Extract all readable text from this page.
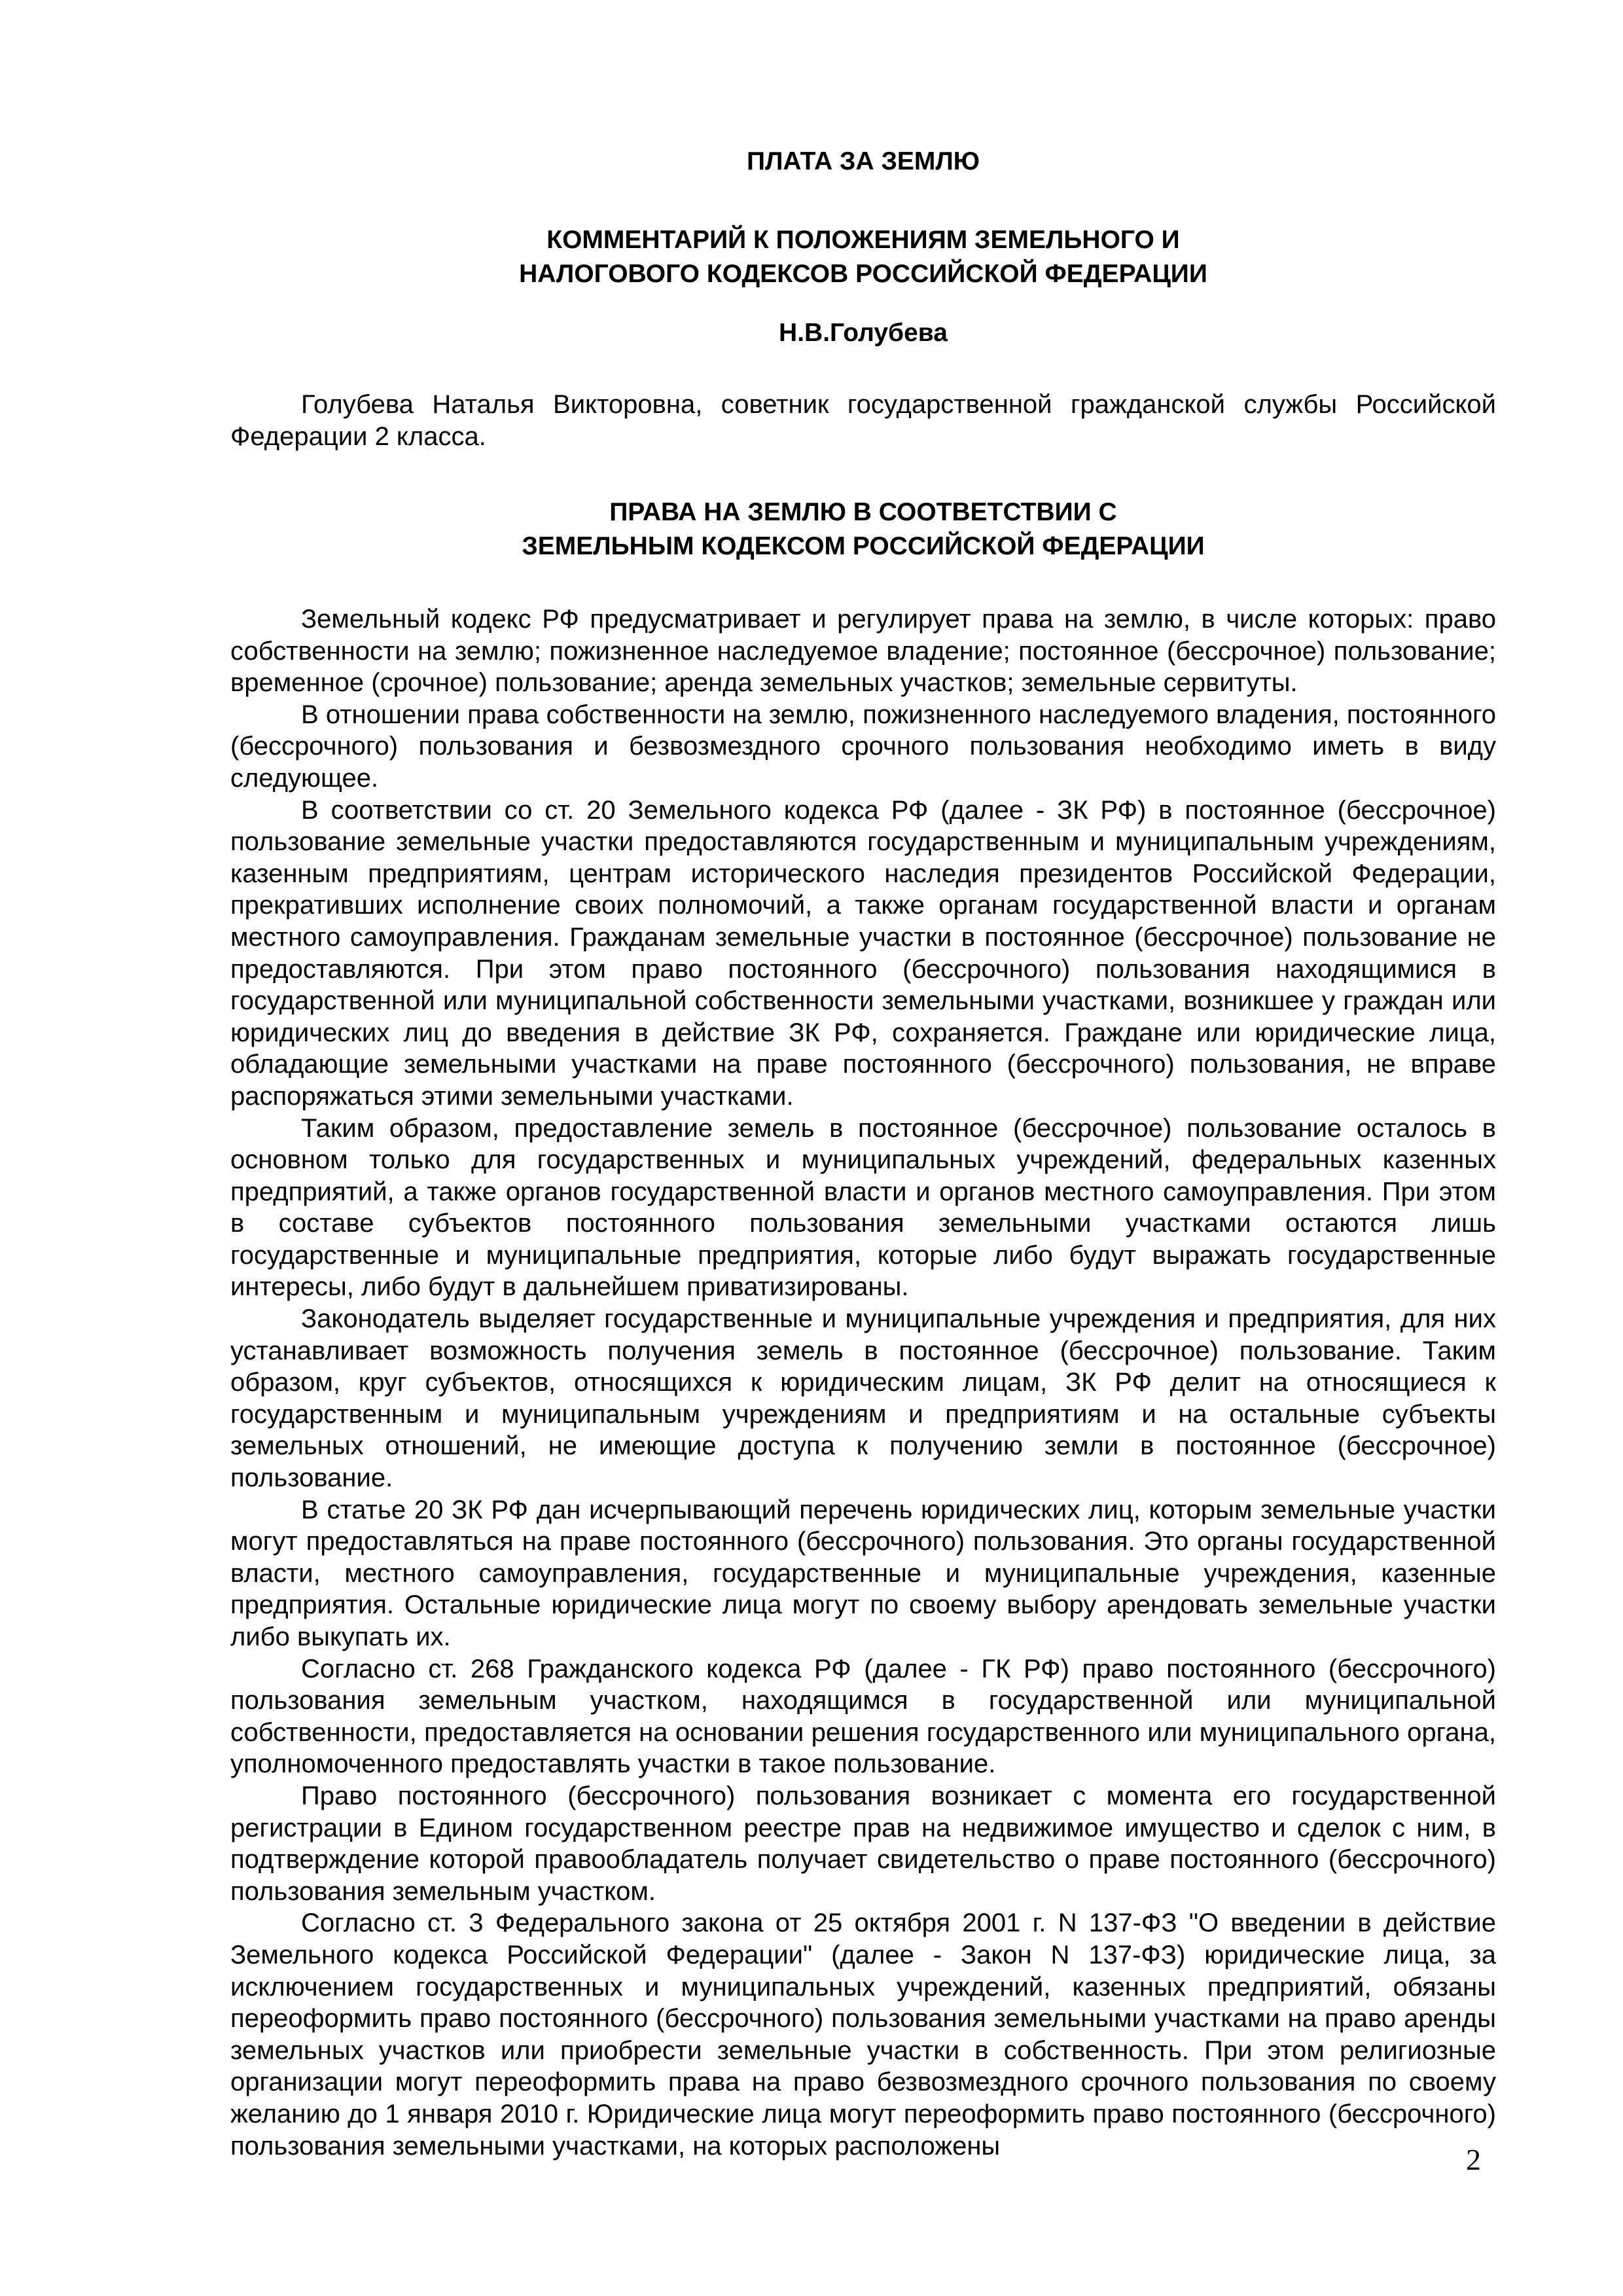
ПЛАТА ЗА ЗЕМЛЮ

КОММЕНТАРИЙ К ПОЛОЖЕНИЯМ ЗЕМЕЛЬНОГО И
НАЛОГОВОГО КОДЕКСОВ РОССИЙСКОЙ ФЕДЕРАЦИИ

Н.В.Голубева

Голубева Наталья Викторовна, советник государственной гражданской службы Российской Федерации 2 класса.

ПРАВА НА ЗЕМЛЮ В СООТВЕТСТВИИ С
ЗЕМЕЛЬНЫМ КОДЕКСОМ РОССИЙСКОЙ ФЕДЕРАЦИИ

Земельный кодекс РФ предусматривает и регулирует права на землю, в числе которых: право собственности на землю; пожизненное наследуемое владение; постоянное (бессрочное) пользование; временное (срочное) пользование; аренда земельных участков; земельные сервитуты.

В отношении права собственности на землю, пожизненного наследуемого владения, постоянного (бессрочного) пользования и безвозмездного срочного пользования необходимо иметь в виду следующее.

В соответствии со ст. 20 Земельного кодекса РФ (далее - ЗК РФ) в постоянное (бессрочное) пользование земельные участки предоставляются государственным и муниципальным учреждениям, казенным предприятиям, центрам исторического наследия президентов Российской Федерации, прекративших исполнение своих полномочий, а также органам государственной власти и органам местного самоуправления. Гражданам земельные участки в постоянное (бессрочное) пользование не предоставляются. При этом право постоянного (бессрочного) пользования находящимися в государственной или муниципальной собственности земельными участками, возникшее у граждан или юридических лиц до введения в действие ЗК РФ, сохраняется. Граждане или юридические лица, обладающие земельными участками на праве постоянного (бессрочного) пользования, не вправе распоряжаться этими земельными участками.

Таким образом, предоставление земель в постоянное (бессрочное) пользование осталось в основном только для государственных и муниципальных учреждений, федеральных казенных предприятий, а также органов государственной власти и органов местного самоуправления. При этом в составе субъектов постоянного пользования земельными участками остаются лишь государственные и муниципальные предприятия, которые либо будут выражать государственные интересы, либо будут в дальнейшем приватизированы.

Законодатель выделяет государственные и муниципальные учреждения и предприятия, для них устанавливает возможность получения земель в постоянное (бессрочное) пользование. Таким образом, круг субъектов, относящихся к юридическим лицам, ЗК РФ делит на относящиеся к государственным и муниципальным учреждениям и предприятиям и на остальные субъекты земельных отношений, не имеющие доступа к получению земли в постоянное (бессрочное) пользование.

В статье 20 ЗК РФ дан исчерпывающий перечень юридических лиц, которым земельные участки могут предоставляться на праве постоянного (бессрочного) пользования. Это органы государственной власти, местного самоуправления, государственные и муниципальные учреждения, казенные предприятия. Остальные юридические лица могут по своему выбору арендовать земельные участки либо выкупать их.

Согласно ст. 268 Гражданского кодекса РФ (далее - ГК РФ) право постоянного (бессрочного) пользования земельным участком, находящимся в государственной или муниципальной собственности, предоставляется на основании решения государственного или муниципального органа, уполномоченного предоставлять участки в такое пользование.

Право постоянного (бессрочного) пользования возникает с момента его государственной регистрации в Едином государственном реестре прав на недвижимое имущество и сделок с ним, в подтверждение которой правообладатель получает свидетельство о праве постоянного (бессрочного) пользования земельным участком.

Согласно ст. 3 Федерального закона от 25 октября 2001 г. N 137-ФЗ "О введении в действие Земельного кодекса Российской Федерации" (далее - Закон N 137-ФЗ) юридические лица, за исключением государственных и муниципальных учреждений, казенных предприятий, обязаны переоформить право постоянного (бессрочного) пользования земельными участками на право аренды земельных участков или приобрести земельные участки в собственность. При этом религиозные организации могут переоформить права на право безвозмездного срочного пользования по своему желанию до 1 января 2010 г. Юридические лица могут переоформить право постоянного (бессрочного) пользования земельными участками, на которых расположены	2
